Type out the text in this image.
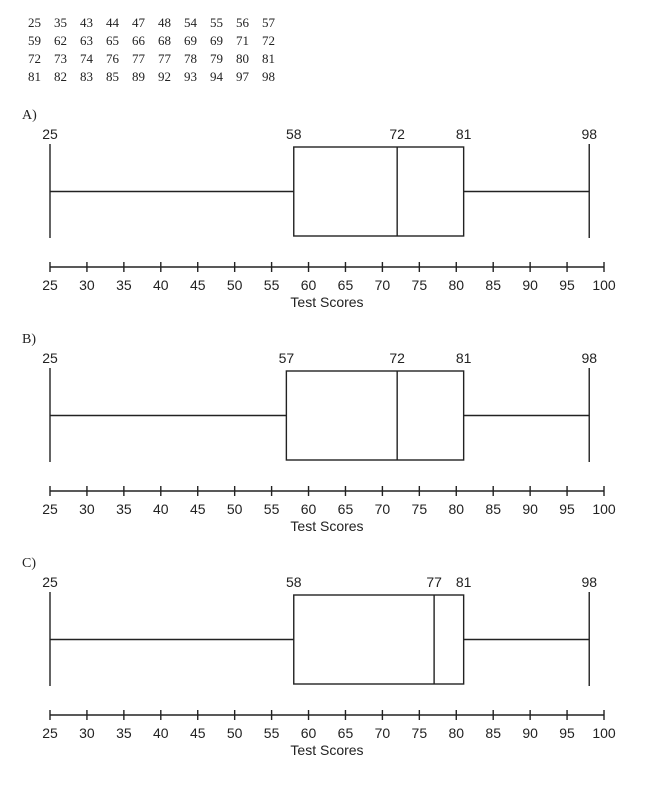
25	35	43	44	47	48	54	55	56	57
59	62	63	65	66	68	69	69	71	72
72	73	74	76	77	77	78	79	80	81
81	82	83	85	89	92	93	94	97	98
A)
25	58	72	81	98
25 30 35 40 45 50 55 60 65 70 75 80 85 90 95 100
Test Scores
B)
25	57	72	81	98
25 30 35 40 45 50 55 60 65 70 75 80 85 90 95 100
Test Scores
C)
25	58	77 81	98
25 30 35 40 45 50 55 60 65 70 75 80 85 90 95 100
Test Scores
